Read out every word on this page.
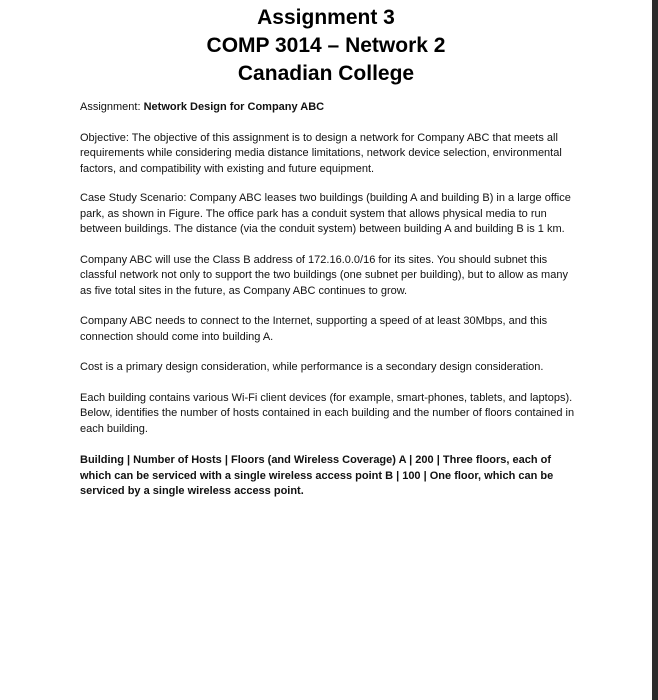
Assignment 3
COMP 3014 – Network 2
Canadian College

Assignment: Network Design for Company ABC

Objective: The objective of this assignment is to design a network for Company ABC that meets all requirements while considering media distance limitations, network device selection, environmental factors, and compatibility with existing and future equipment.

Case Study Scenario: Company ABC leases two buildings (building A and building B) in a large office park, as shown in Figure. The office park has a conduit system that allows physical media to run between buildings. The distance (via the conduit system) between building A and building B is 1 km.

Company ABC will use the Class B address of 172.16.0.0/16 for its sites. You should subnet this classful network not only to support the two buildings (one subnet per building), but to allow as many as five total sites in the future, as Company ABC continues to grow.

Company ABC needs to connect to the Internet, supporting a speed of at least 30Mbps, and this connection should come into building A.

Cost is a primary design consideration, while performance is a secondary design consideration.

Each building contains various Wi-Fi client devices (for example, smart-phones, tablets, and laptops). Below, identifies the number of hosts contained in each building and the number of floors contained in each building.

Building | Number of Hosts | Floors (and Wireless Coverage) A | 200 | Three floors, each of which can be serviced with a single wireless access point B | 100 | One floor, which can be serviced by a single wireless access point.
